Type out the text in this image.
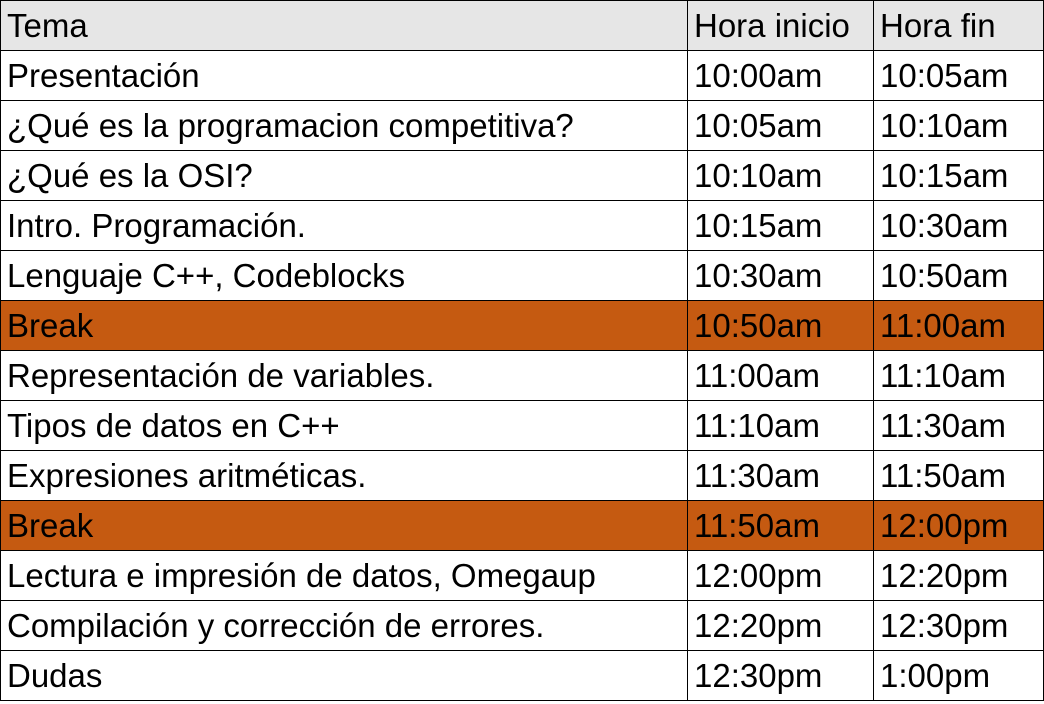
Tema	Hora inicio	Hora fin
Presentación	10:00am	10:05am
¿Qué es la programacion competitiva?	10:05am	10:10am
¿Qué es la OSI?	10:10am	10:15am
Intro. Programación.	10:15am	10:30am
Lenguaje C++, Codeblocks	10:30am	10:50am
Break	10:50am	11:00am
Representación de variables.	11:00am	11:10am
Tipos de datos en C++	11:10am	11:30am
Expresiones aritméticas.	11:30am	11:50am
Break	11:50am	12:00pm
Lectura e impresión de datos, Omegaup	12:00pm	12:20pm
Compilación y corrección de errores.	12:20pm	12:30pm
Dudas	12:30pm	1:00pm
